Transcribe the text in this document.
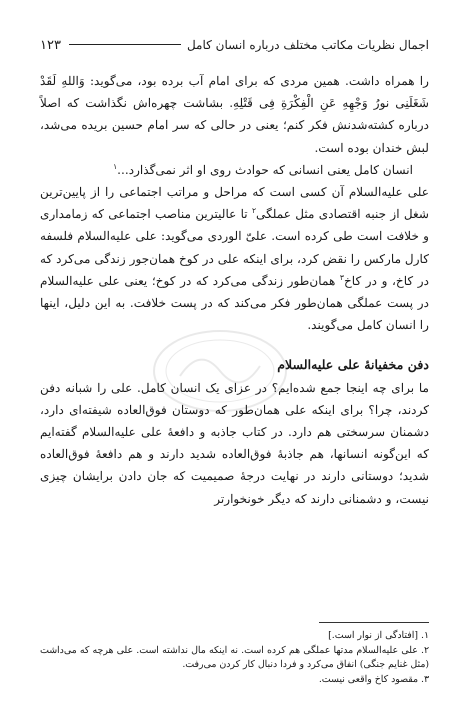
اجمال نظریات مکاتب مختلف درباره انسان کامل
۱۲۳

را همراه داشت. همین مردی که برای امام آب برده بود، می‌گوید: وَاللهِ لَقَدْ شَغَلَنِی نورُ وَجْهِهِ عَنِ الْفِکْرَةِ فِی قَتْلِهِ. بشاشت چهره‌اش نگذاشت که اصلاً درباره کشته‌شدنش فکر کنم؛ یعنی در حالی که سر امام حسین بریده می‌شد، لبش خندان بوده است.

انسان کامل یعنی انسانی که حوادث روی او اثر نمی‌گذارد...$^۱$

علی علیه‌السلام آن کسی است که مراحل و مراتب اجتماعی را از پایین‌ترین شغل از جنبه اقتصادی مثل عملگی$^۲$ تا عالیترین مناصب اجتماعی که زمامداری و خلافت است طی کرده است. علیّ الوردی می‌گوید: علی علیه‌السلام فلسفه کارل مارکس را نقض کرد، برای اینکه علی در کوخ همان‌جور زندگی می‌کرد که در کاخ، و در کاخ$^۳$ همان‌طور زندگی می‌کرد که در کوخ؛ یعنی علی علیه‌السلام در پست عملگی همان‌طور فکر می‌کند که در پست خلافت. به این دلیل، اینها را انسان کامل می‌گویند.

دفن مخفیانهٔ علی علیه‌السلام

ما برای چه اینجا جمع شده‌ایم؟ در عزای یک انسان کامل. علی را شبانه دفن کردند، چرا؟ برای اینکه علی همان‌طور که دوستان فوق‌العاده شیفته‌ای دارد، دشمنان سرسختی هم دارد. در کتاب جاذبه و دافعهٔ علی علیه‌السلام گفته‌ایم که این‌گونه انسانها، هم جاذبهٔ فوق‌العاده شدید دارند و هم دافعهٔ فوق‌العاده شدید؛ دوستانی دارند در نهایت درجهٔ صمیمیت که جان دادن برایشان چیزی نیست، و دشمنانی دارند که دیگر خونخوارتر

۱. [افتادگی از نوار است.]

۲. علی علیه‌السلام مدتها عملگی هم کرده است. نه اینکه مال نداشته است. علی هرچه که می‌داشت (مثل غنایم جنگی) انفاق می‌کرد و فردا دنبال کار کردن می‌رفت.

۳. مقصود کاخ واقعی نیست.
